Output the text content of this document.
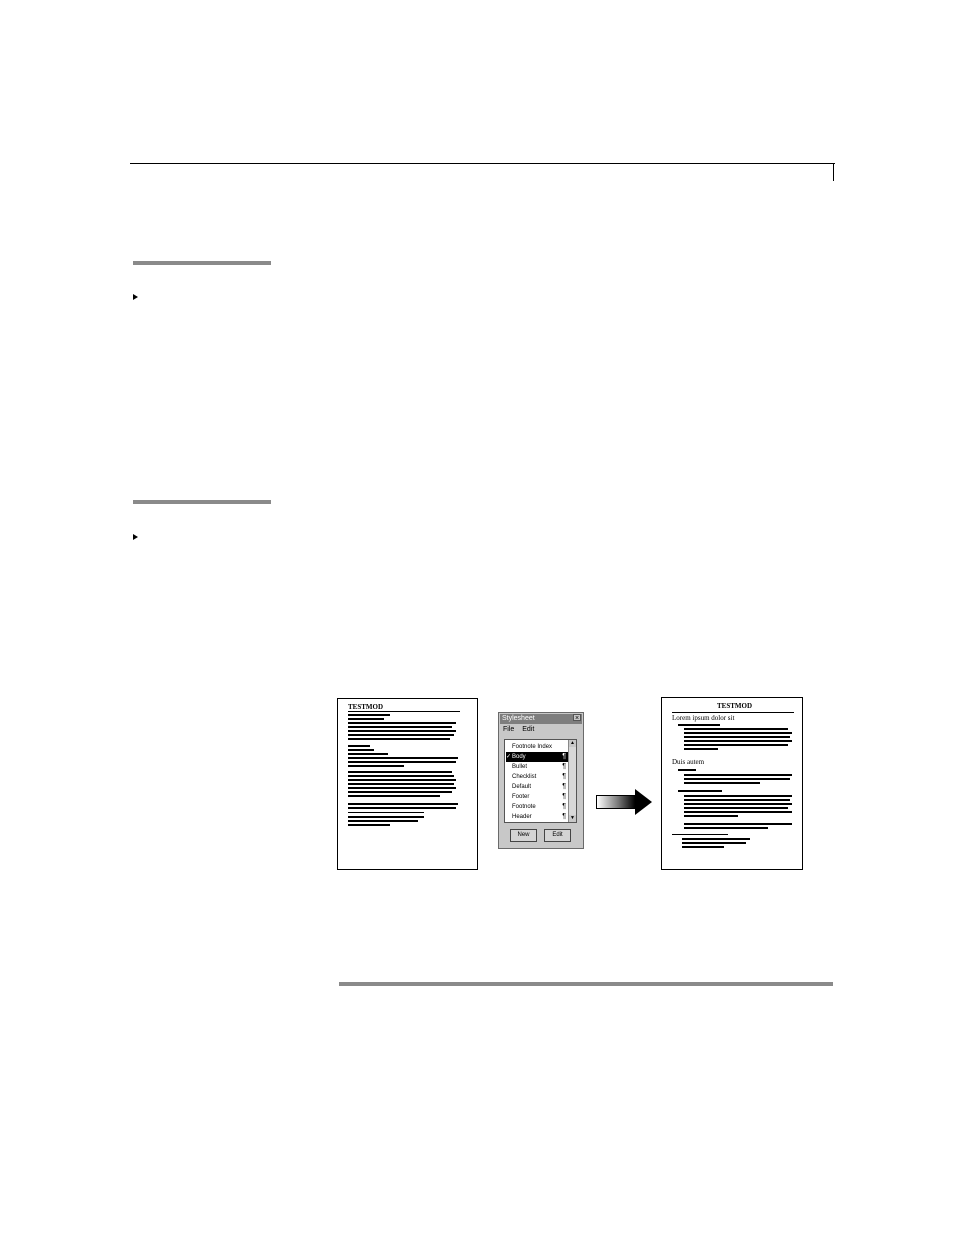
TESTMOD
Stylesheet	×
File Edit
Footnote Index
✓ Body	¶
Bullet	¶
Checklist	¶
Default	¶
Footer	¶
Footnote	¶
Header	¶
▲
▼
New	Edit
TESTMOD
Lorem ipsum dolor sit
Duis autem
